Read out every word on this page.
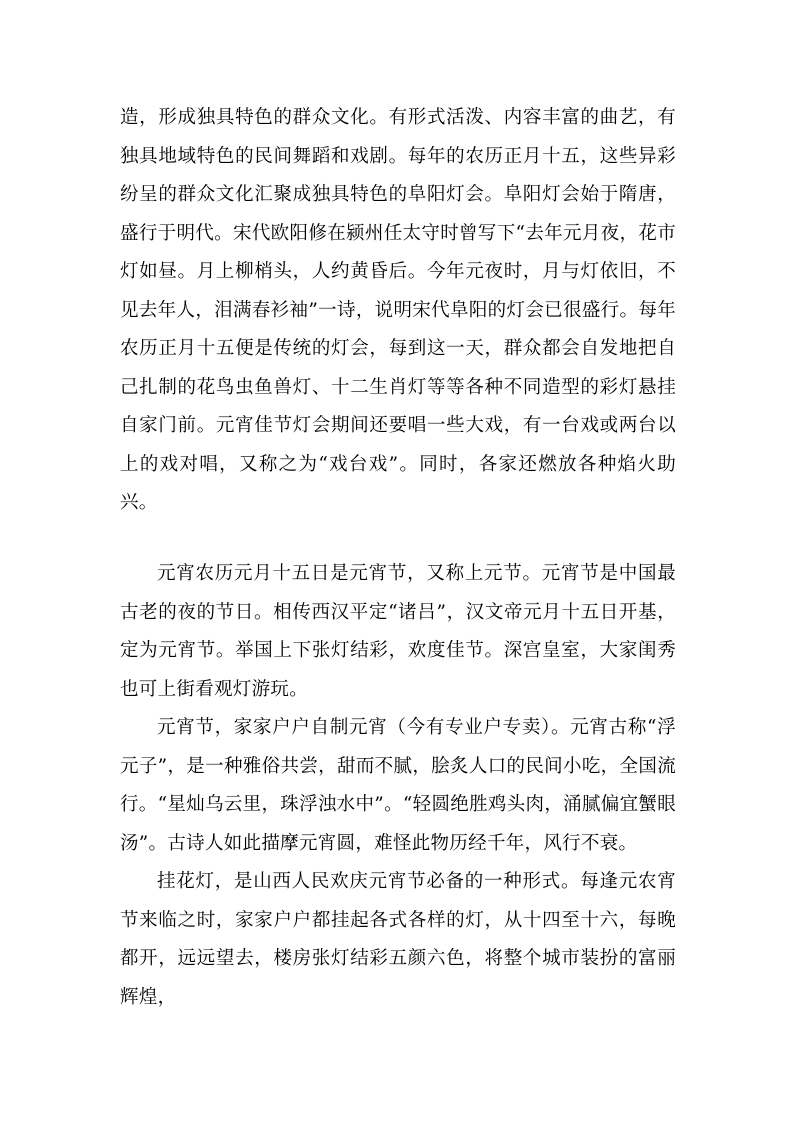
造，形成独具特色的群众文化。有形式活泼、内容丰富的曲艺，有独具地域特色的民间舞蹈和戏剧。每年的农历正月十五，这些异彩纷呈的群众文化汇聚成独具特色的阜阳灯会。阜阳灯会始于隋唐，盛行于明代。宋代欧阳修在颍州任太守时曾写下“去年元月夜，花市灯如昼。月上柳梢头，人约黄昏后。今年元夜时，月与灯依旧，不见去年人，泪满春衫袖”一诗，说明宋代阜阳的灯会已很盛行。每年农历正月十五便是传统的灯会，每到这一天，群众都会自发地把自己扎制的花鸟虫鱼兽灯、十二生肖灯等等各种不同造型的彩灯悬挂自家门前。元宵佳节灯会期间还要唱一些大戏，有一台戏或两台以上的戏对唱，又称之为“戏台戏”。同时，各家还燃放各种焰火助兴。

元宵农历元月十五日是元宵节，又称上元节。元宵节是中国最古老的夜的节日。相传西汉平定“诸吕”，汉文帝元月十五日开基，定为元宵节。举国上下张灯结彩，欢度佳节。深宫皇室，大家闺秀也可上街看观灯游玩。

元宵节，家家户户自制元宵（今有专业户专卖）。元宵古称“浮元子”，是一种雅俗共尝，甜而不腻，脍炙人口的民间小吃，全国流行。“星灿乌云里，珠浮浊水中”。“轻圆绝胜鸡头肉，涌腻偏宜蟹眼汤”。古诗人如此描摩元宵圆，难怪此物历经千年，风行不衰。

挂花灯，是山西人民欢庆元宵节必备的一种形式。每逢元农宵节来临之时，家家户户都挂起各式各样的灯，从十四至十六，每晚都开，远远望去，楼房张灯结彩五颜六色，将整个城市装扮的富丽辉煌，
